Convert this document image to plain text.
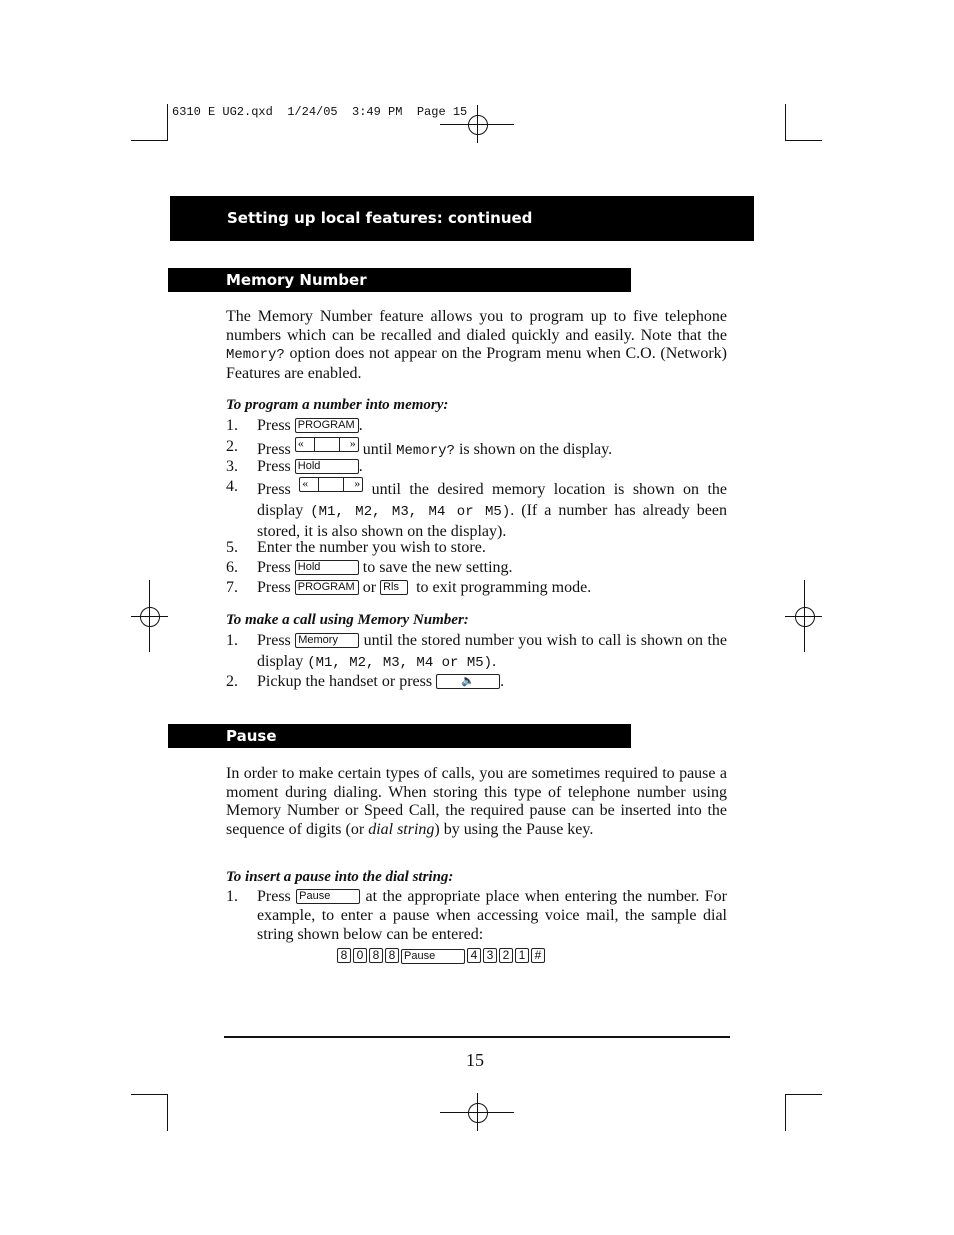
6310 E UG2.qxd  1/24/05  3:49 PM  Page 15
Setting up local features: continued
Memory Number
The Memory Number feature allows you to program up to five telephone numbers which can be recalled and dialed quickly and easily. Note that the Memory? option does not appear on the Program menu when C.O. (Network) Features are enabled.
To program a number into memory:
1. Press PROGRAM .
2. Press «	» until Memory? is shown on the display.
3. Press Hold .
4. Press «	» until the desired memory location is shown on the display (M1, M2, M3, M4 or M5). (If a number has already been stored, it is also shown on the display).
5. Enter the number you wish to store.
6. Press Hold	to save the new setting.
7. Press PROGRAM or Rls to exit programming mode.
To make a call using Memory Number:
1. Press Memory until the stored number you wish to call is shown on the display (M1, M2, M3, M4 or M5).
2. Pickup the handset or press	🔈 .
Pause
In order to make certain types of calls, you are sometimes required to pause a moment during dialing. When storing this type of telephone number using Memory Number or Speed Call, the required pause can be inserted into the sequence of digits (or dial string) by using the Pause key.
To insert a pause into the dial string:
1. Press Pause at the appropriate place when entering the number. For example, to enter a pause when accessing voice mail, the sample dial string shown below can be entered:
8 0 8 8 Pause	4 3 2 1 #
15
